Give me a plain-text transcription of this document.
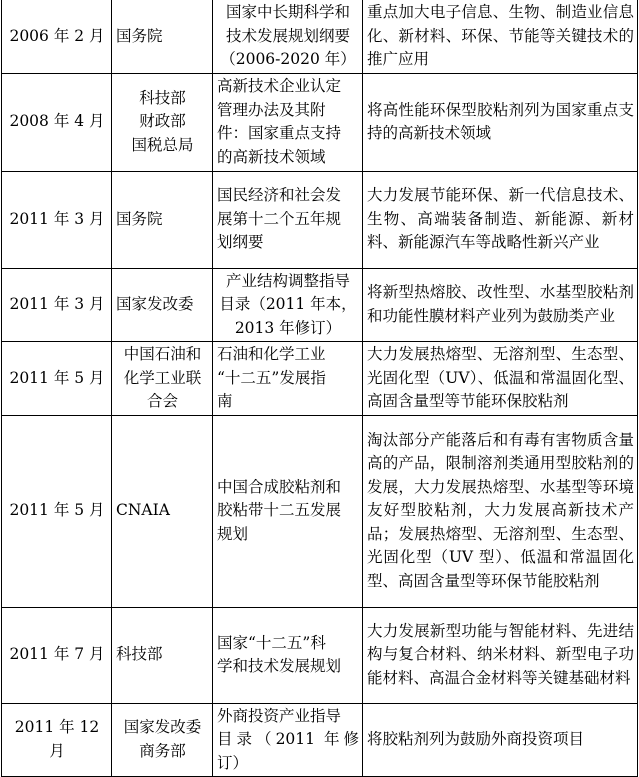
2006 年 2 月	国务院	国家中长期科学和
技术发展规划纲要
（2006-2020 年）	重点加大电子信息、生物、制造业信息化、新材料、环保、节能等关键技术的推广应用
2008 年 4 月	科技部
财政部
国税总局	高新技术企业认定
管理办法及其附
件：国家重点支持
的高新技术领域	将高性能环保型胶粘剂列为国家重点支持的高新技术领域
2011 年 3 月	国务院	国民经济和社会发
展第十二个五年规
划纲要	大力发展节能环保、新一代信息技术、生物、高端装备制造、新能源、新材料、新能源汽车等战略性新兴产业
2011 年 3 月	国家发改委	产业结构调整指导
目录（2011 年本，
2013 年修订）	将新型热熔胶、改性型、水基型胶粘剂和功能性膜材料产业列为鼓励类产业
2011 年 5 月	中国石油和
化学工业联
合会	石油和化学工业
“十二五”发展指
南	大力发展热熔型、无溶剂型、生态型、光固化型（UV）、低温和常温固化型、高固含量型等节能环保胶粘剂
2011 年 5 月	CNAIA	中国合成胶粘剂和
胶粘带十二五发展
规划	淘汰部分产能落后和有毒有害物质含量高的产品，限制溶剂类通用型胶粘剂的发展，大力发展热熔型、水基型等环境友好型胶粘剂，大力发展高新技术产品；发展热熔型、无溶剂型、生态型、光固化型（UV 型）、低温和常温固化型、高固含量型等环保节能胶粘剂
2011 年 7 月	科技部	国家“十二五”科
学和技术发展规划	大力发展新型功能与智能材料、先进结构与复合材料、纳米材料、新型电子功能材料、高温合金材料等关键基础材料
2011 年 12 月	国家发改委
商务部	外商投资产业指导
目录（2011 年修订）	将胶粘剂列为鼓励外商投资项目
